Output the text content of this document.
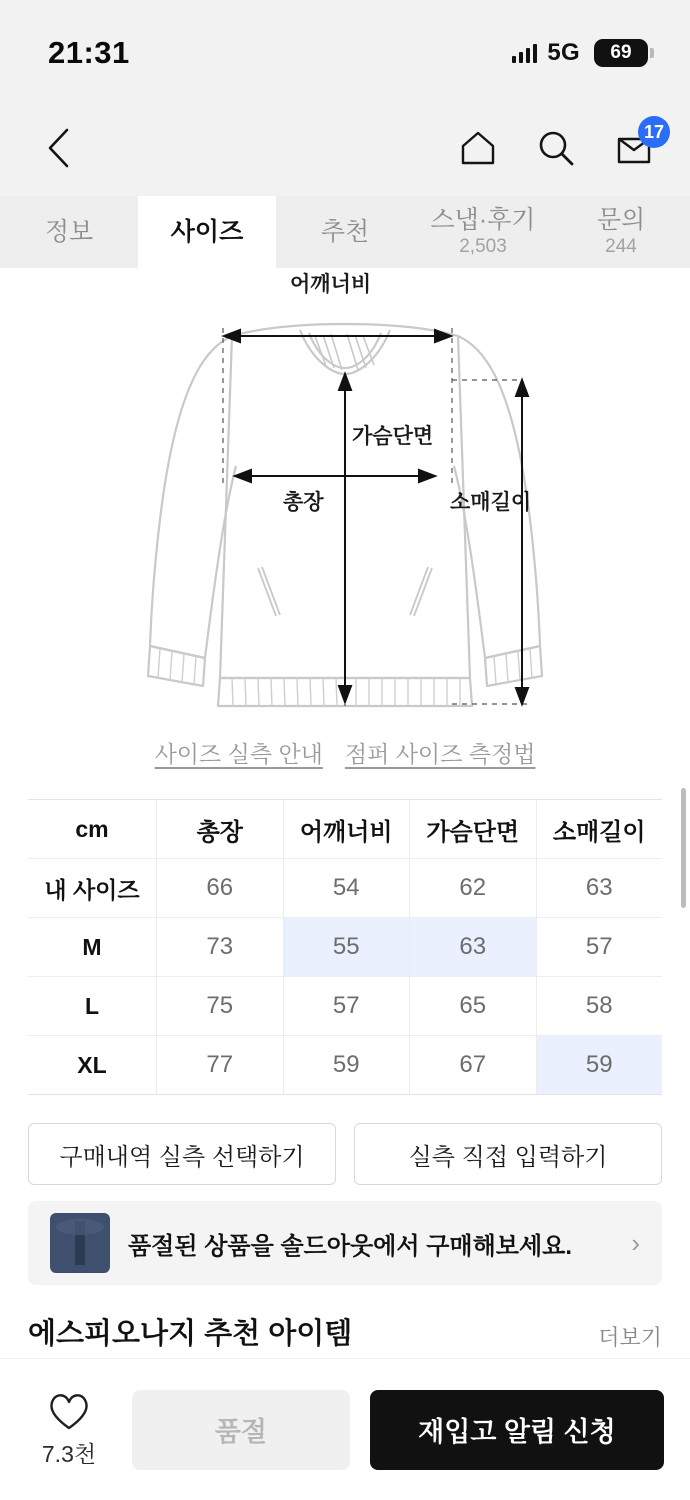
21:31	5G	69
17
정보	사이즈	추천 스냅·후기
2,503
문의
244
어깨너비
가슴단면
총장	소매길이
사이즈 실측 안내 점퍼 사이즈 측정법
cm	총장	어깨너비	가슴단면	소매길이
내 사이즈	66	54	62	63
M	73	55	63	57
L	75	57	65	58
XL	77	59	67	59
구매내역 실측 선택하기	실측 직접 입력하기
품절된 상품을 솔드아웃에서 구매해보세요.	›
에스피오나지 추천 아이템	더보기
7.3천
품절	재입고 알림 신청
